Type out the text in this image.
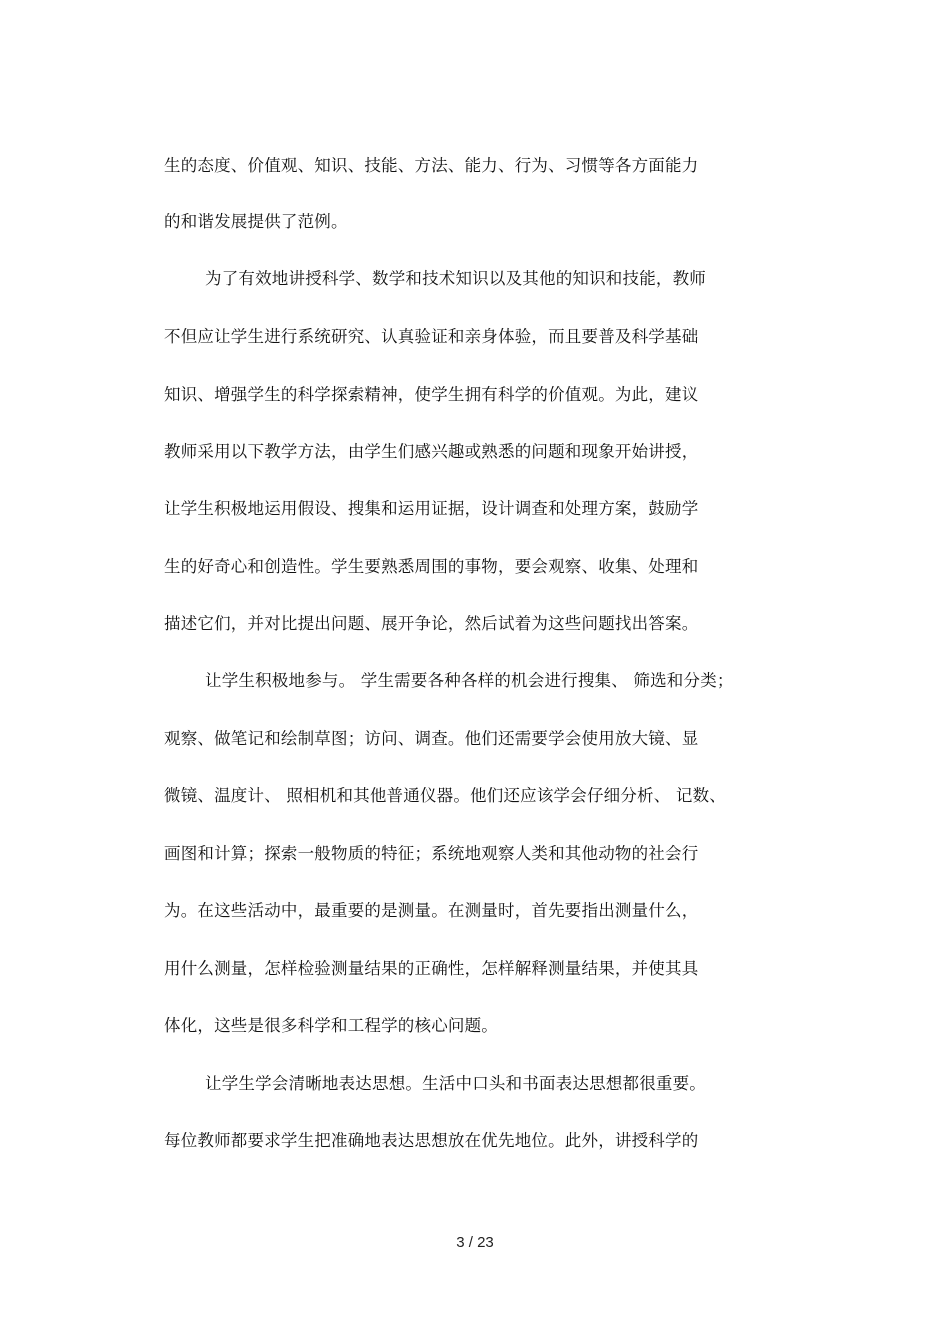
生的态度、价值观、知识、技能、方法、能力、行为、习惯等各方面能力
的和谐发展提供了范例。
为了有效地讲授科学、数学和技术知识以及其他的知识和技能，教师
不但应让学生进行系统研究、认真验证和亲身体验，而且要普及科学基础
知识、增强学生的科学探索精神，使学生拥有科学的价值观。为此，建议
教师采用以下教学方法，由学生们感兴趣或熟悉的问题和现象开始讲授，
让学生积极地运用假设、搜集和运用证据，设计调查和处理方案，鼓励学
生的好奇心和创造性。学生要熟悉周围的事物，要会观察、收集、处理和
描述它们，并对比提出问题、展开争论，然后试着为这些问题找出答案。
让学生积极地参与。 学生需要各种各样的机会进行搜集、 筛选和分类；
观察、做笔记和绘制草图；访问、调查。他们还需要学会使用放大镜、显
微镜、温度计、 照相机和其他普通仪器。他们还应该学会仔细分析、 记数、
画图和计算；探索一般物质的特征；系统地观察人类和其他动物的社会行
为。在这些活动中，最重要的是测量。在测量时，首先要指出测量什么，
用什么测量，怎样检验测量结果的正确性，怎样解释测量结果，并使其具
体化，这些是很多科学和工程学的核心问题。
让学生学会清晰地表达思想。生活中口头和书面表达思想都很重要。
每位教师都要求学生把准确地表达思想放在优先地位。此外，讲授科学的
3 / 23
